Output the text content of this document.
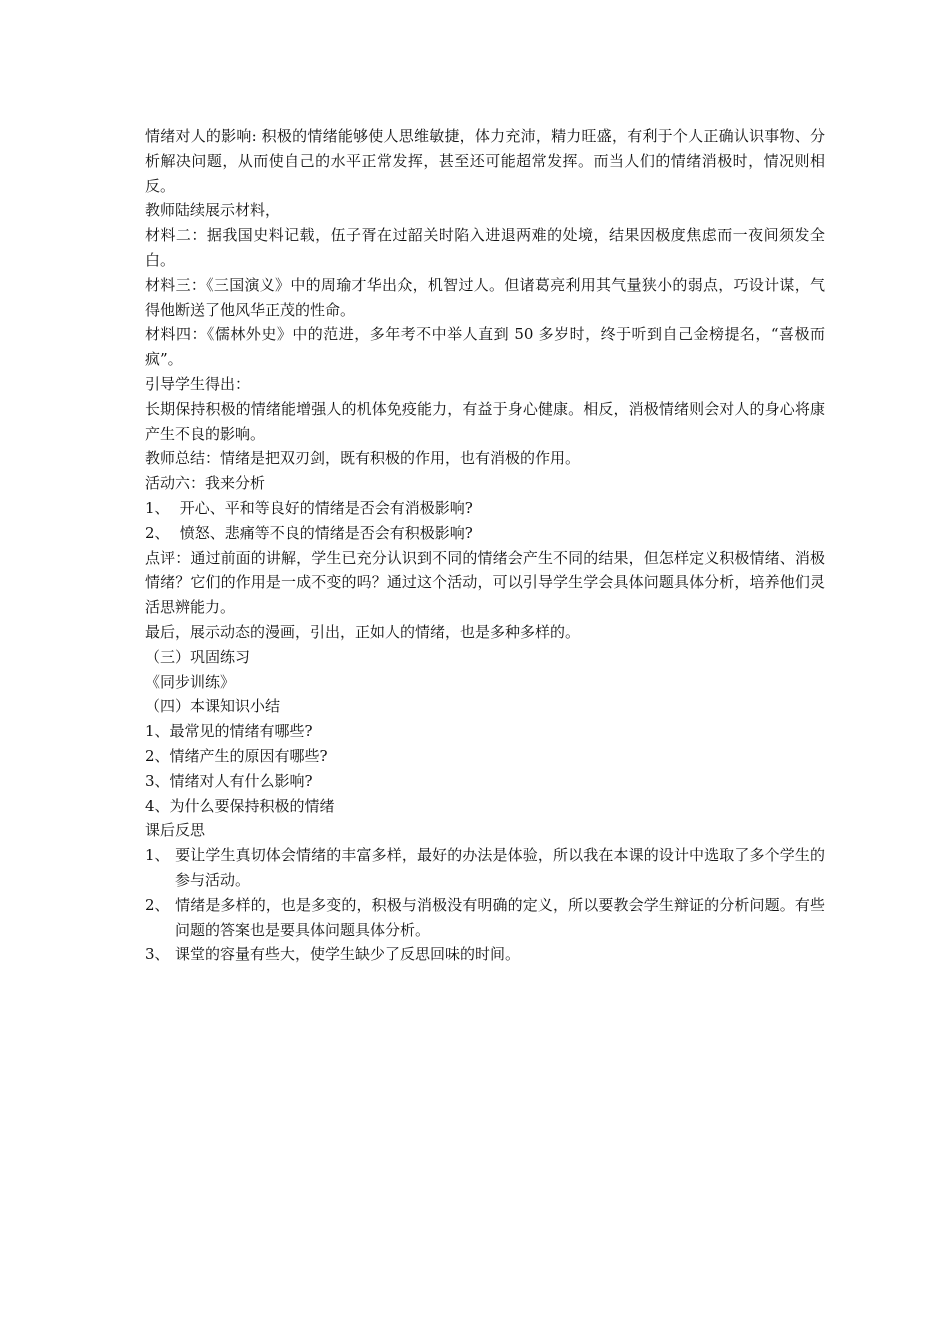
情绪对人的影响: 积极的情绪能够使人思维敏捷，体力充沛，精力旺盛，有利于个人正确认识事物、分析解决问题，从而使自己的水平正常发挥，甚至还可能超常发挥。而当人们的情绪消极时，情况则相反。

教师陆续展示材料，

材料二：据我国史料记载，伍子胥在过韶关时陷入进退两难的处境，结果因极度焦虑而一夜间须发全白。

材料三：《三国演义》中的周瑜才华出众，机智过人。但诸葛亮利用其气量狭小的弱点，巧设计谋，气得他断送了他风华正茂的性命。

材料四：《儒林外史》中的范进，多年考不中举人直到 50 多岁时，终于听到自己金榜提名，“喜极而疯”。

引导学生得出：

长期保持积极的情绪能增强人的机体免疫能力，有益于身心健康。相反，消极情绪则会对人的身心将康产生不良的影响。

教师总结：情绪是把双刃剑，既有积极的作用，也有消极的作用。

活动六：我来分析

1、 开心、平和等良好的情绪是否会有消极影响?

2、 愤怒、悲痛等不良的情绪是否会有积极影响?

点评：通过前面的讲解，学生已充分认识到不同的情绪会产生不同的结果，但怎样定义积极情绪、消极情绪？它们的作用是一成不变的吗？通过这个活动，可以引导学生学会具体问题具体分析，培养他们灵活思辨能力。

最后，展示动态的漫画，引出，正如人的情绪，也是多种多样的。

（三）巩固练习

《同步训练》

（四）本课知识小结

1、最常见的情绪有哪些?

2、情绪产生的原因有哪些?

3、情绪对人有什么影响?

4、为什么要保持积极的情绪

课后反思

1、 要让学生真切体会情绪的丰富多样，最好的办法是体验，所以我在本课的设计中选取了多个学生的参与活动。

2、 情绪是多样的，也是多变的，积极与消极没有明确的定义，所以要教会学生辩证的分析问题。有些问题的答案也是要具体问题具体分析。

3、 课堂的容量有些大，使学生缺少了反思回味的时间。
